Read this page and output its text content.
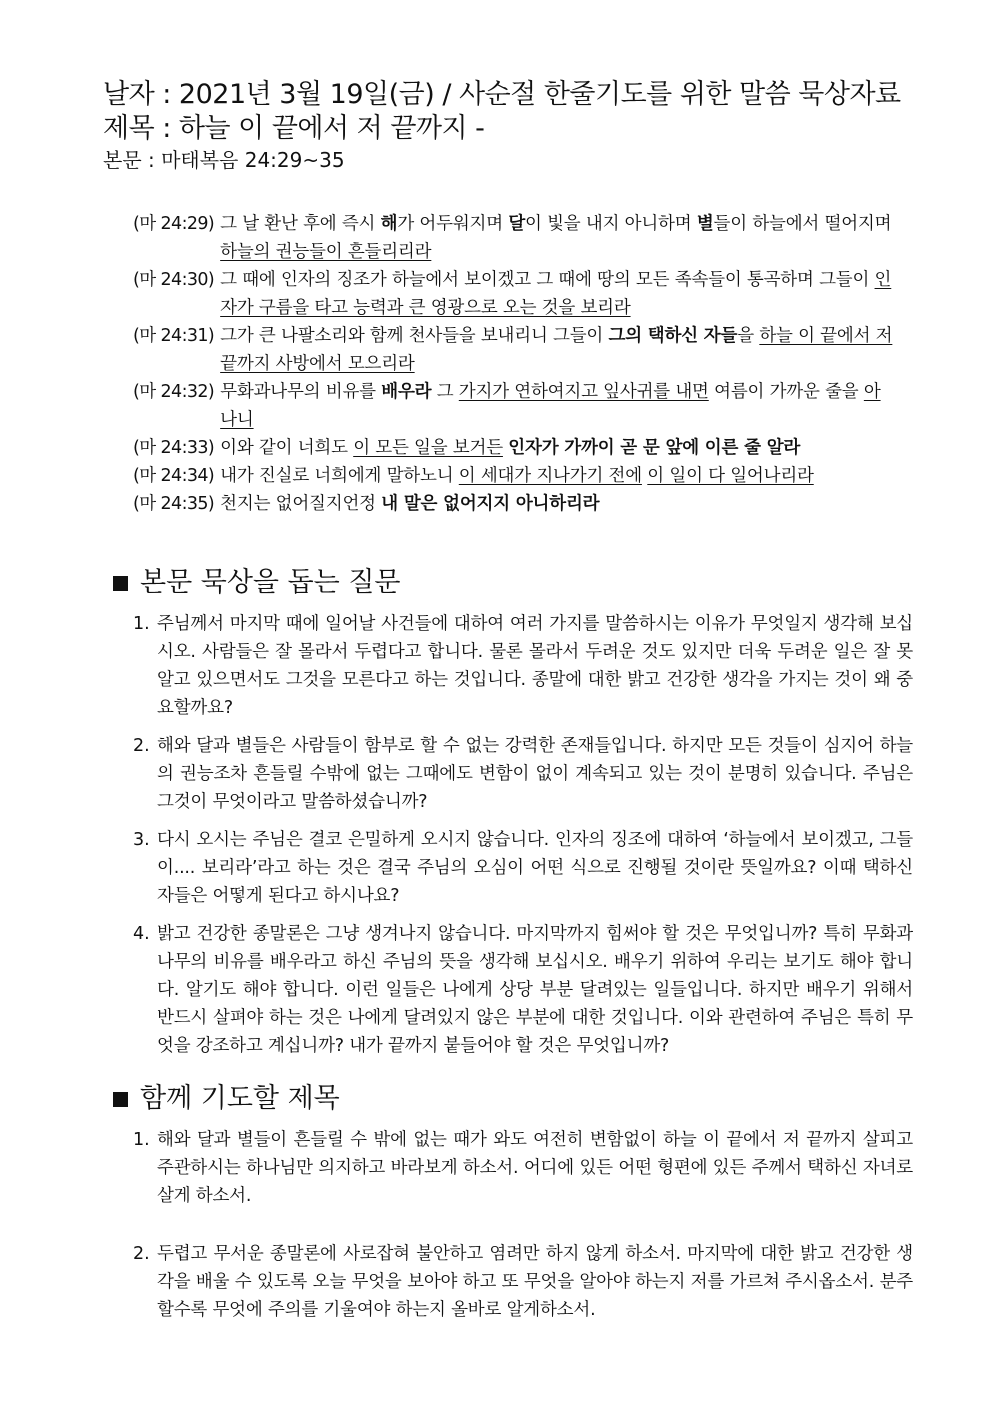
날자 : 2021년 3월 19일(금) / 사순절 한줄기도를 위한 말씀 묵상자료

제목 : 하늘 이 끝에서 저 끝까지 -

본문 : 마태복음 24:29~35

(마 24:29) 그 날 환난 후에 즉시 해가 어두워지며 달이 빛을 내지 아니하며 별들이 하늘에서 떨어지며 하늘의 권능들이 흔들리리라
(마 24:30) 그 때에 인자의 징조가 하늘에서 보이겠고 그 때에 땅의 모든 족속들이 통곡하며 그들이 인자가 구름을 타고 능력과 큰 영광으로 오는 것을 보리라
(마 24:31) 그가 큰 나팔소리와 함께 천사들을 보내리니 그들이 그의 택하신 자들을 하늘 이 끝에서 저 끝까지 사방에서 모으리라
(마 24:32) 무화과나무의 비유를 배우라 그 가지가 연하여지고 잎사귀를 내면 여름이 가까운 줄을 아나니
(마 24:33) 이와 같이 너희도 이 모든 일을 보거든 인자가 가까이 곧 문 앞에 이른 줄 알라
(마 24:34) 내가 진실로 너희에게 말하노니 이 세대가 지나가기 전에 이 일이 다 일어나리라
(마 24:35) 천지는 없어질지언정 내 말은 없어지지 아니하리라

본문 묵상을 돕는 질문

1. 주님께서 마지막 때에 일어날 사건들에 대하여 여러 가지를 말씀하시는 이유가 무엇일지 생각해 보십시오. 사람들은 잘 몰라서 두렵다고 합니다. 물론 몰라서 두려운 것도 있지만 더욱 두려운 일은 잘 못 알고 있으면서도 그것을 모른다고 하는 것입니다. 종말에 대한 밝고 건강한 생각을 가지는 것이 왜 중요할까요?
2. 해와 달과 별들은 사람들이 함부로 할 수 없는 강력한 존재들입니다. 하지만 모든 것들이 심지어 하늘의 권능조차 흔들릴 수밖에 없는 그때에도 변함이 없이 계속되고 있는 것이 분명히 있습니다. 주님은 그것이 무엇이라고 말씀하셨습니까?
3. 다시 오시는 주님은 결코 은밀하게 오시지 않습니다. 인자의 징조에 대하여 ‘하늘에서 보이겠고, 그들이.... 보리라’라고 하는 것은 결국 주님의 오심이 어떤 식으로 진행될 것이란 뜻일까요? 이때 택하신 자들은 어떻게 된다고 하시나요?
4. 밝고 건강한 종말론은 그냥 생겨나지 않습니다. 마지막까지 힘써야 할 것은 무엇입니까? 특히 무화과나무의 비유를 배우라고 하신 주님의 뜻을 생각해 보십시오. 배우기 위하여 우리는 보기도 해야 합니다. 알기도 해야 합니다. 이런 일들은 나에게 상당 부분 달려있는 일들입니다. 하지만 배우기 위해서 반드시 살펴야 하는 것은 나에게 달려있지 않은 부분에 대한 것입니다. 이와 관련하여 주님은 특히 무엇을 강조하고 계십니까? 내가 끝까지 붙들어야 할 것은 무엇입니까?

함께 기도할 제목

1. 해와 달과 별들이 흔들릴 수 밖에 없는 때가 와도 여전히 변함없이 하늘 이 끝에서 저 끝까지 살피고 주관하시는 하나님만 의지하고 바라보게 하소서. 어디에 있든 어떤 형편에 있든 주께서 택하신 자녀로 살게 하소서.
2. 두렵고 무서운 종말론에 사로잡혀 불안하고 염려만 하지 않게 하소서. 마지막에 대한 밝고 건강한 생각을 배울 수 있도록 오늘 무엇을 보아야 하고 또 무엇을 알아야 하는지 저를 가르쳐 주시옵소서. 분주할수록 무엇에 주의를 기울여야 하는지 올바로 알게하소서.
